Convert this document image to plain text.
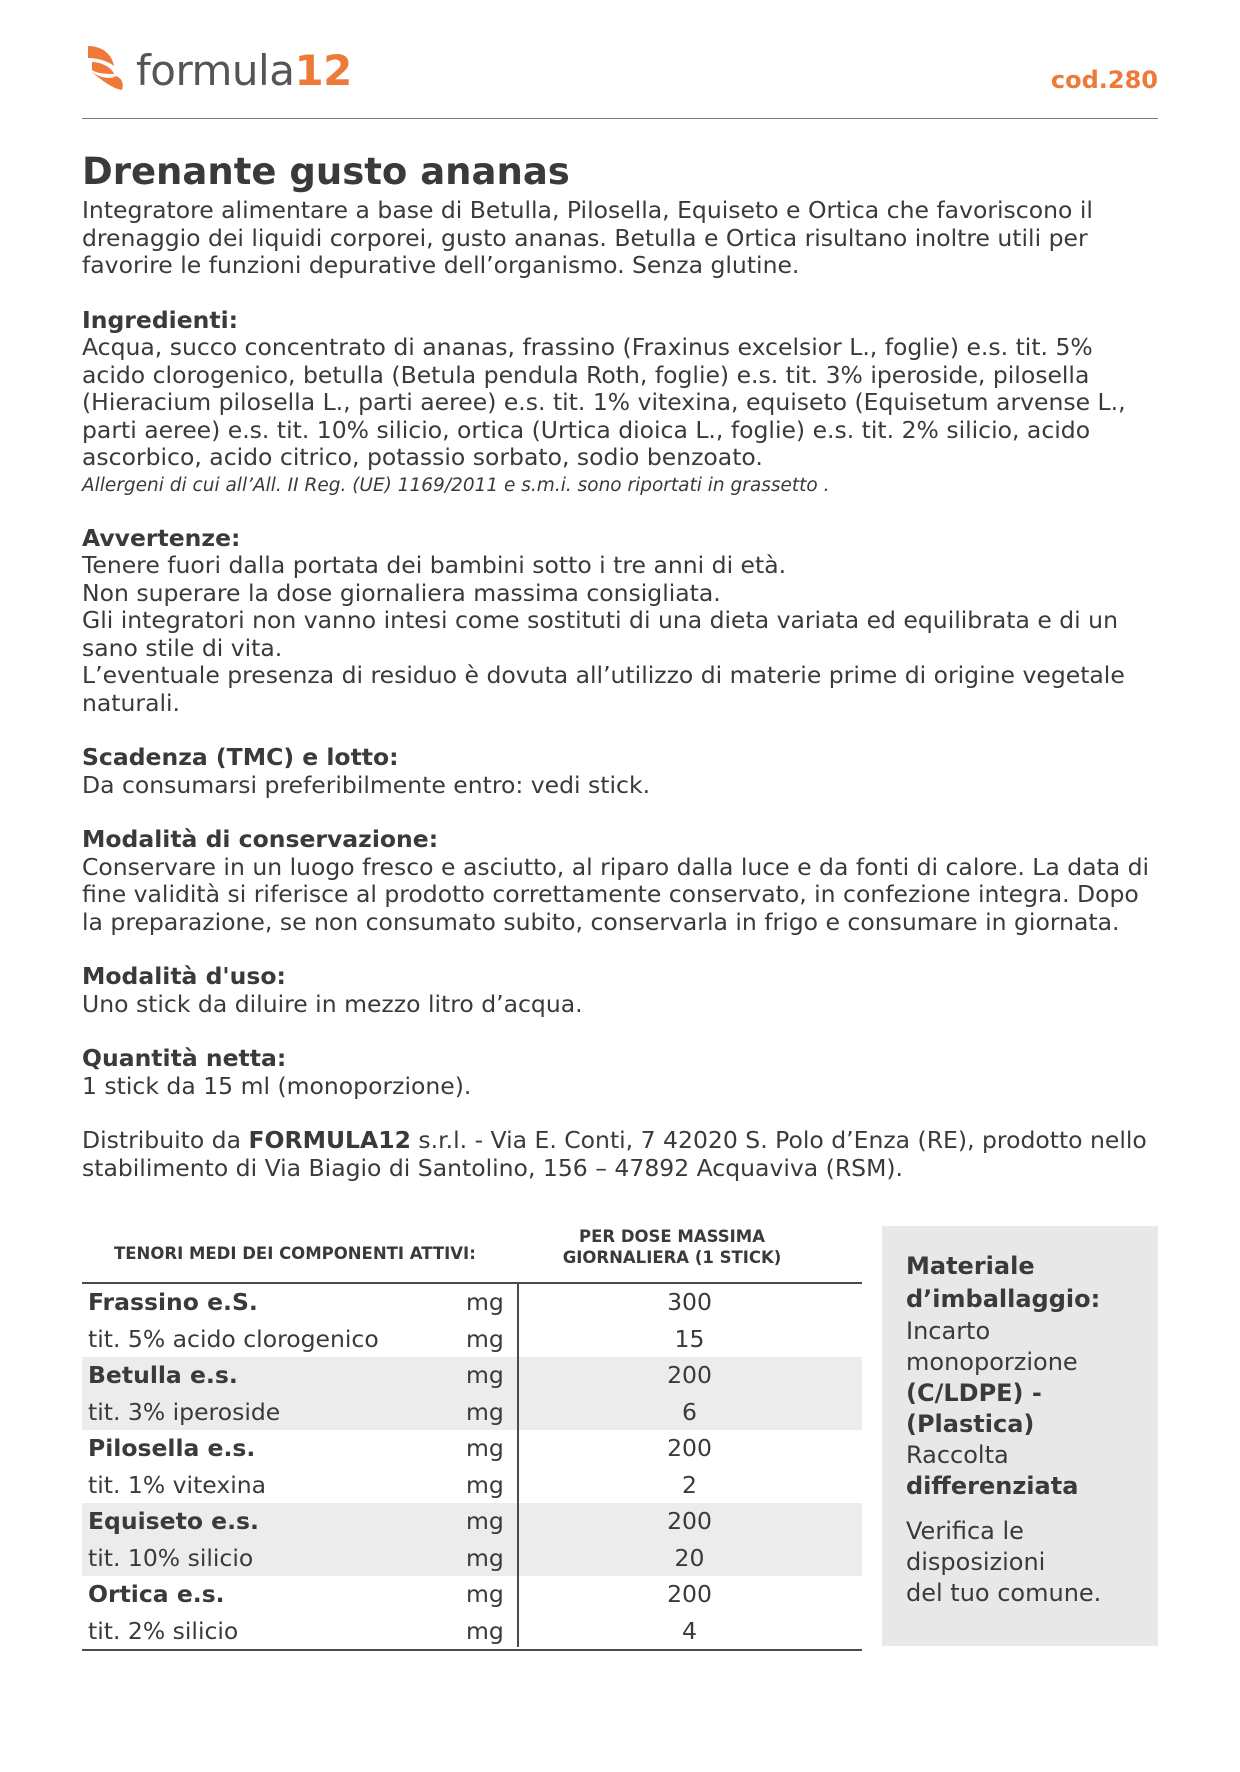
formula12	cod.280
Drenante gusto ananas

Integratore alimentare a base di Betulla, Pilosella, Equiseto e Ortica che favoriscono il drenaggio dei liquidi corporei, gusto ananas. Betulla e Ortica risultano inoltre utili per favorire le funzioni depurative dell’organismo. Senza glutine.

Ingredienti:

Acqua, succo concentrato di ananas, frassino (Fraxinus excelsior L., foglie) e.s. tit. 5% acido clorogenico, betulla (Betula pendula Roth, foglie) e.s. tit. 3% iperoside, pilosella (Hieracium pilosella L., parti aeree) e.s. tit. 1% vitexina, equiseto (Equisetum arvense L., parti aeree) e.s. tit. 10% silicio, ortica (Urtica dioica L., foglie) e.s. tit. 2% silicio, acido ascorbico, acido citrico, potassio sorbato, sodio benzoato.

Allergeni di cui all’All. II Reg. (UE) 1169/2011 e s.m.i. sono riportati in grassetto .

Avvertenze:

Tenere fuori dalla portata dei bambini sotto i tre anni di età.

Non superare la dose giornaliera massima consigliata.

Gli integratori non vanno intesi come sostituti di una dieta variata ed equilibrata e di un sano stile di vita.

L’eventuale presenza di residuo è dovuta all’utilizzo di materie prime di origine vegetale naturali.

Scadenza (TMC) e lotto:

Da consumarsi preferibilmente entro: vedi stick.

Modalità di conservazione:

Conservare in un luogo fresco e asciutto, al riparo dalla luce e da fonti di calore. La data di fine validità si riferisce al prodotto correttamente conservato, in confezione integra. Dopo la preparazione, se non consumato subito, conservarla in frigo e consumare in giornata.

Modalità d'uso:

Uno stick da diluire in mezzo litro d’acqua.

Quantità netta:

1 stick da 15 ml (monoporzione).

Distribuito da FORMULA12 s.r.l. - Via E. Conti, 7 42020 S. Polo d’Enza (RE), prodotto nello stabilimento di Via Biagio di Santolino, 156 – 47892 Acquaviva (RSM).

TENORI MEDI DEI COMPONENTI ATTIVI:
PER DOSE MASSIMA
GIORNALIERA (1 STICK)
Frassino e.S.	mg	300
tit. 5% acido clorogenico	mg	15
Betulla e.s.	mg	200
tit. 3% iperoside	mg	6
Pilosella e.s.	mg	200
tit. 1% vitexina	mg	2
Equiseto e.s.	mg	200
tit. 10% silicio	mg	20
Ortica e.s.	mg	200
tit. 2% silicio	mg	4

Materiale
d’imballaggio:

Incarto

monoporzione

(C/LDPE) - (Plastica)

Raccolta

differenziata

Verifica le

disposizioni

del tuo comune.
